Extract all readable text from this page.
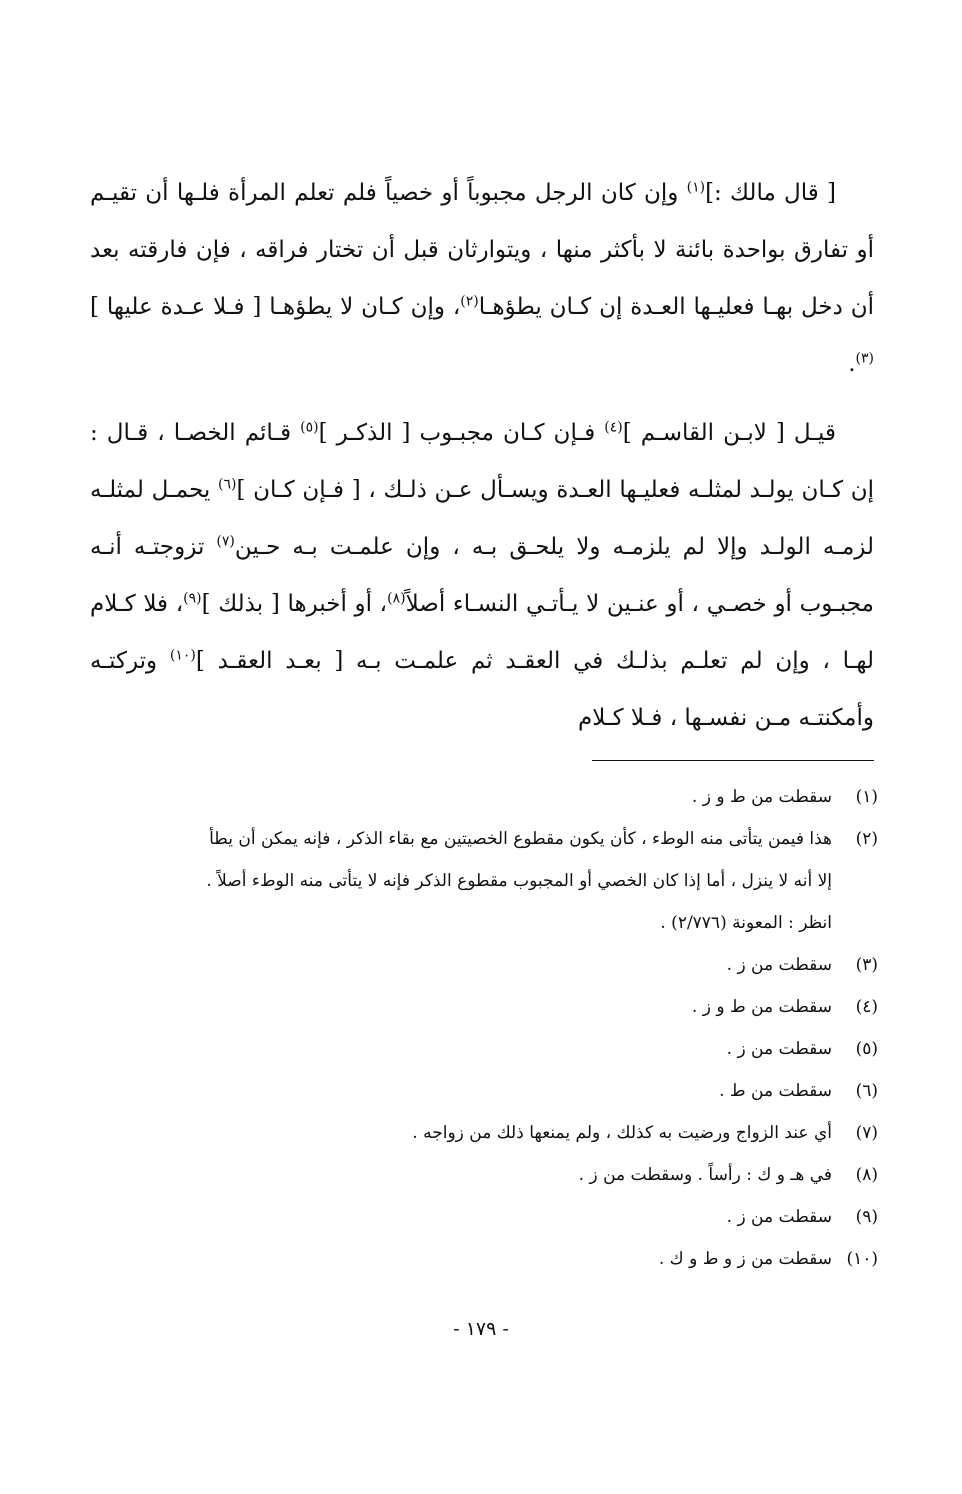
[ قال مالك :]$^{(١)}$ وإن كان الرجل مجبوباً أو خصياً فلم تعلم المرأة فلـها أن تقيـم أو تفارق بواحدة بائنة لا بأكثر منها ، ويتوارثان قبل أن تختار فراقه ، فإن فارقته بعد أن دخل بهـا فعليـها العـدة إن كـان يطؤهـا$^{(٢)}$، وإن كـان لا يطؤهـا [ فـلا عـدة عليها ]$^{(٣)}$.

قيـل [ لابـن القاسـم ]$^{(٤)}$ فـإن كـان مجبـوب [ الذكـر ]$^{(٥)}$ قـائم الخصـا ، قـال : إن كـان يولـد لمثلـه فعليـها العـدة ويسـأل عـن ذلـك ، [ فـإن كـان ]$^{(٦)}$ يحمـل لمثلـه لزمـه الولـد وإلا لم يلزمـه ولا يلحـق بـه ، وإن علمـت بـه حـين$^{(٧)}$ تزوجتـه أنـه مجبـوب أو خصـي ، أو عنـين لا يـأتـي النسـاء أصلاً$^{(٨)}$، أو أخبرها [ بذلك ]$^{(٩)}$، فلا كـلام لهـا ، وإن لم تعلـم بذلـك في العقـد ثم علمـت بـه [ بعـد العقـد ]$^{(١٠)}$ وتركتـه وأمكنتـه مـن نفسـها ، فـلا كـلام

(١)
سقطت من ط و ز .
(٢)
هذا فيمن يتأتى منه الوطء ، كأن يكون مقطوع الخصيتين مع بقاء الذكر ، فإنه يمكن أن يطأ
إلا أنه لا ينزل ، أما إذا كان الخصي أو المجبوب مقطوع الذكر فإنه لا يتأتى منه الوطء أصلاً .
انظر : المعونة (٢/٧٧٦) .
(٣)
سقطت من ز .
(٤)
سقطت من ط و ز .
(٥)
سقطت من ز .
(٦)
سقطت من ط .
(٧)
أي عند الزواج ورضيت به كذلك ، ولم يمنعها ذلك من زواجه .
(٨)
في هـ و ك : رأساً . وسقطت من ز .
(٩)
سقطت من ز .
(١٠)
سقطت من ز و ط و ك .
- ١٧٩ -
